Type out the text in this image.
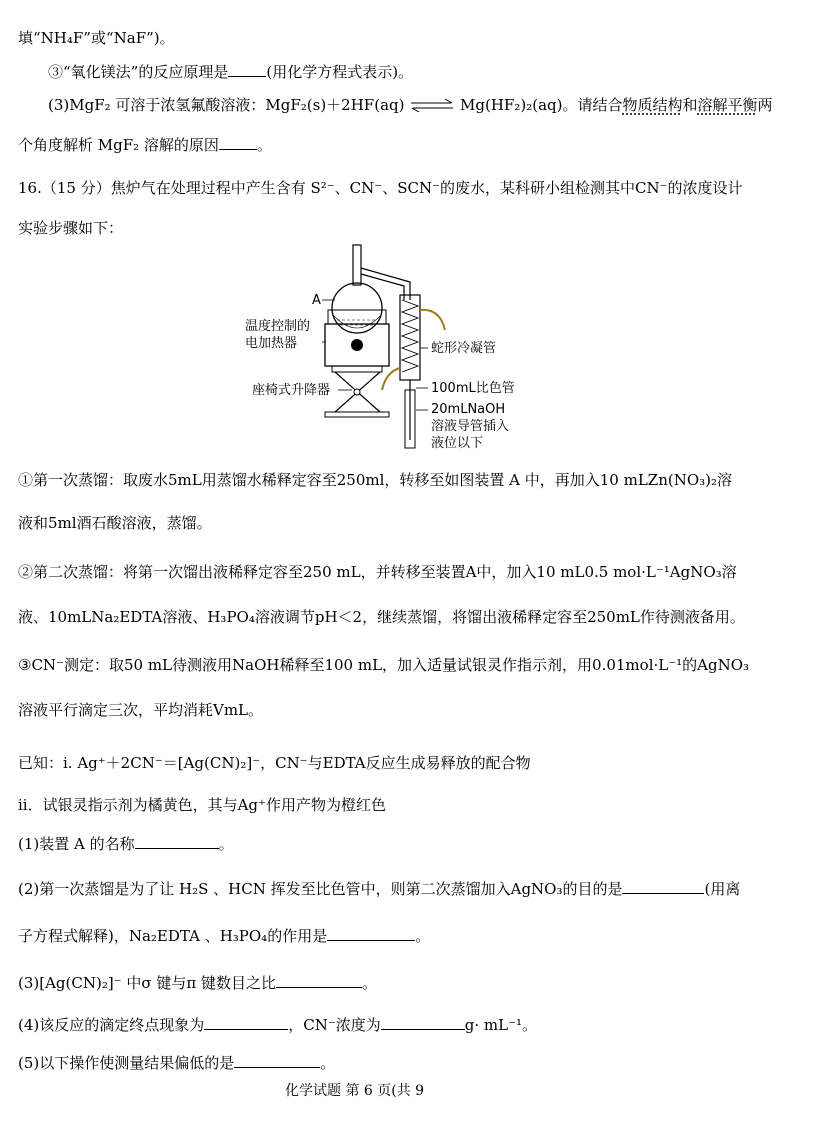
填“NH₄F”或“NaF”)。
③“氧化镁法”的反应原理是	(用化学方程式表示)。
(3)MgF₂ 可溶于浓氢氟酸溶液：MgF₂(s)＋2HF(aq) ⇌ Mg(HF₂)₂(aq)。请结合物质结构和溶解平衡两
个角度解析 MgF₂ 溶解的原因	。
16.（15 分）焦炉气在处理过程中产生含有 S²⁻、CN⁻、SCN⁻的废水，某科研小组检测其中CN⁻的浓度设计
实验步骤如下：
A
温度控制的
电加热器
座椅式升降器
蛇形冷凝管
100mL比色管
20mLNaOH
溶液导管插入
液位以下
①第一次蒸馏：取废水5mL用蒸馏水稀释定容至250ml，转移至如图装置 A 中，再加入10 mLZn(NO₃)₂溶
液和5ml酒石酸溶液，蒸馏。
②第二次蒸馏：将第一次馏出液稀释定容至250 mL，并转移至装置A中，加入10 mL0.5 mol·L⁻¹AgNO₃溶
液、10mLNa₂EDTA溶液、H₃PO₄溶液调节pH＜2，继续蒸馏，将馏出液稀释定容至250mL作待测液备用。
③CN⁻测定：取50 mL待测液用NaOH稀释至100 mL，加入适量试银灵作指示剂，用0.01mol·L⁻¹的AgNO₃
溶液平行滴定三次，平均消耗VmL。
已知：i. Ag⁺＋2CN⁻＝[Ag(CN)₂]⁻，CN⁻与EDTA反应生成易释放的配合物
ii．试银灵指示剂为橘黄色，其与Ag⁺作用产物为橙红色
(1)装置 A 的名称	。
(2)第一次蒸馏是为了让 H₂S 、HCN 挥发至比色管中，则第二次蒸馏加入AgNO₃的目的是	(用离
子方程式解释)，Na₂EDTA 、H₃PO₄的作用是	。
(3)[Ag(CN)₂]⁻ 中σ 键与π 键数目之比	。
(4)该反应的滴定终点现象为	，CN⁻浓度为	g· mL⁻¹。
(5)以下操作使测量结果偏低的是	。
化学试题 第 6 页(共 9
